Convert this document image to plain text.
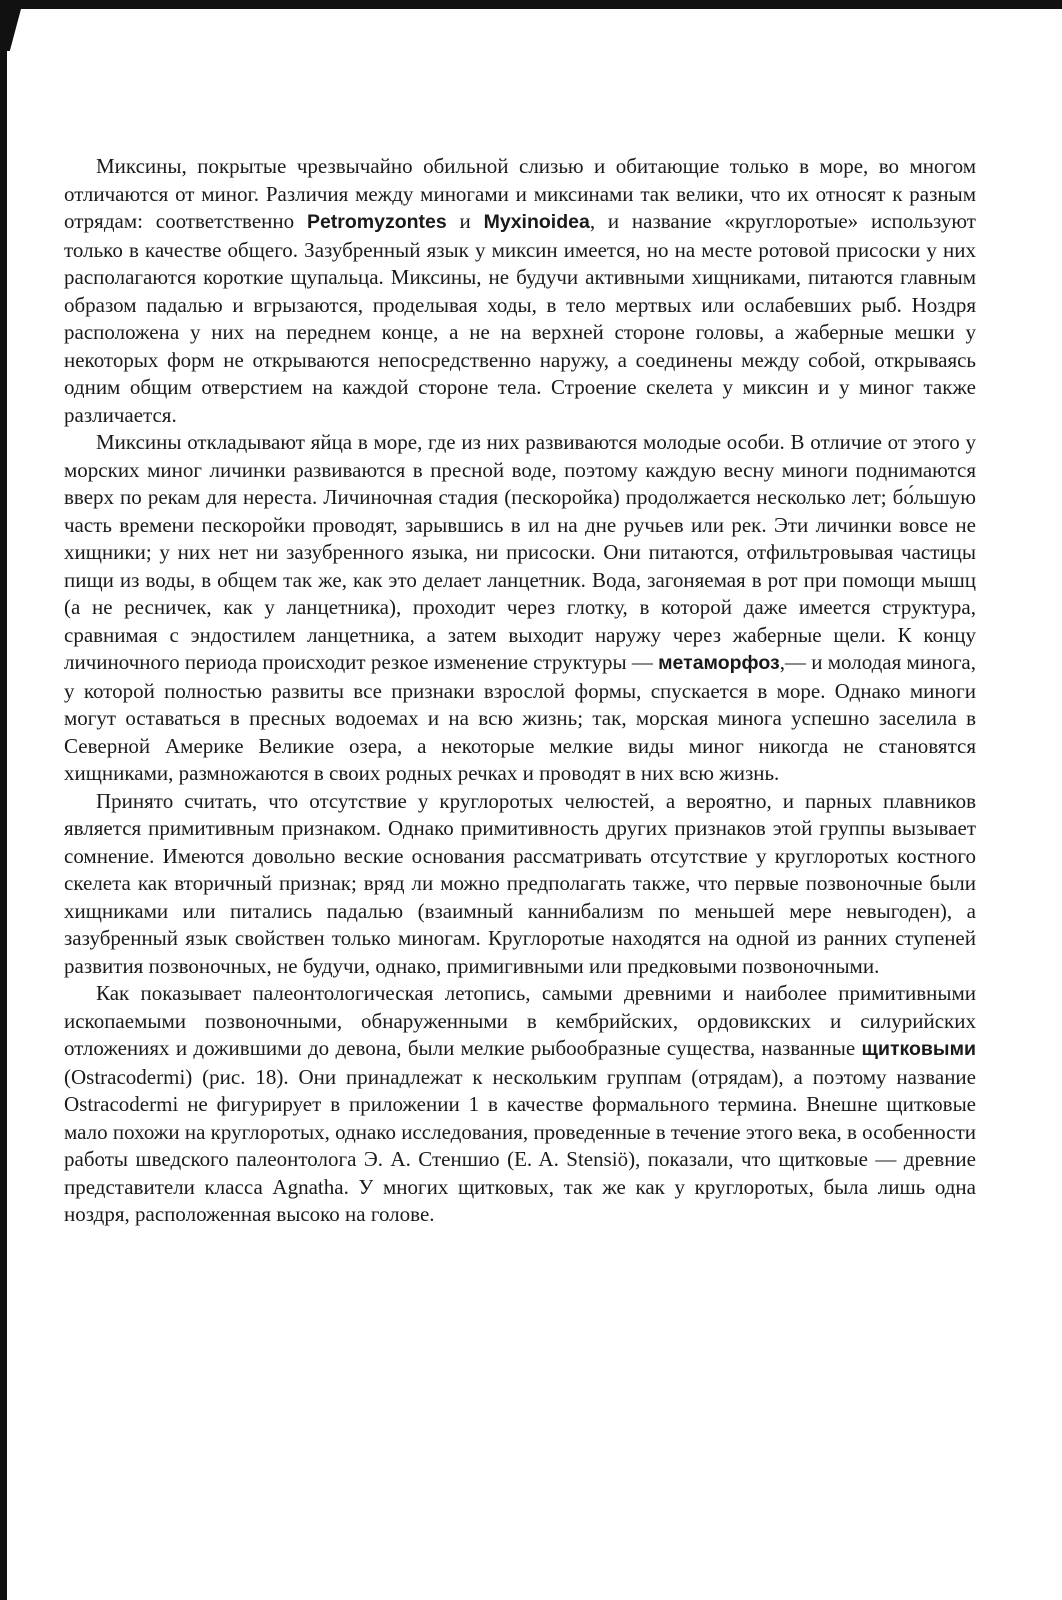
Миксины, покрытые чрезвычайно обильной слизью и обитающие только в море, во многом отличаются от миног. Различия между миногами и миксинами так велики, что их относят к разным отрядам: соответственно Petromyzontes и Myxinoidea, и название «круглоротые» используют только в качестве общего. Зазубренный язык у миксин имеется, но на месте ротовой присоски у них располагаются короткие щупальца. Миксины, не будучи активными хищниками, питаются главным образом падалью и вгрызаются, проделывая ходы, в тело мертвых или ослабевших рыб. Ноздря расположена у них на переднем конце, а не на верхней стороне головы, а жаберные мешки у некоторых форм не открываются непосредственно наружу, а соединены между собой, открываясь одним общим отверстием на каждой стороне тела. Строение скелета у миксин и у миног также различается.

Миксины откладывают яйца в море, где из них развиваются молодые особи. В отличие от этого у морских миног личинки развиваются в пресной воде, поэтому каждую весну миноги поднимаются вверх по рекам для нереста. Личиночная стадия (пескоройка) продолжается несколько лет; бо́льшую часть времени пескоройки проводят, зарывшись в ил на дне ручьев или рек. Эти личинки вовсе не хищники; у них нет ни зазубренного языка, ни присоски. Они питаются, отфильтровывая частицы пищи из воды, в общем так же, как это делает ланцетник. Вода, загоняемая в рот при помощи мышц (а не ресничек, как у ланцетника), проходит через глотку, в которой даже имеется структура, сравнимая с эндостилем ланцетника, а затем выходит наружу через жаберные щели. К концу личиночного периода происходит резкое изменение структуры — метаморфоз,— и молодая минога, у которой полностью развиты все признаки взрослой формы, спускается в море. Однако миноги могут оставаться в пресных водоемах и на всю жизнь; так, морская минога успешно заселила в Северной Америке Великие озера, а некоторые мелкие виды миног никогда не становятся хищниками, размножаются в своих родных речках и проводят в них всю жизнь.

Принято считать, что отсутствие у круглоротых челюстей, а вероятно, и парных плавников является примитивным признаком. Однако примитивность других признаков этой группы вызывает сомнение. Имеются довольно веские основания рассматривать отсутствие у круглоротых костного скелета как вторичный признак; вряд ли можно предполагать также, что первые позвоночные были хищниками или питались падалью (взаимный каннибализм по меньшей мере невыгоден), а зазубренный язык свойствен только миногам. Круглоротые находятся на одной из ранних ступеней развития позвоночных, не будучи, однако, примигивными или предковыми позвоночными.

Как показывает палеонтологическая летопись, самыми древними и наиболее примитивными ископаемыми позвоночными, обнаруженными в кембрийских, ордовикских и силурийских отложениях и дожившими до девона, были мелкие рыбообразные существа, названные щитковыми (Ostracodermi) (рис. 18). Они принадлежат к нескольким группам (отрядам), а поэтому название Ostracodermi не фигурирует в приложении 1 в качестве формального термина. Внешне щитковые мало похожи на круглоротых, однако исследования, проведенные в течение этого века, в особенности работы шведского палеонтолога Э. А. Стеншио (E. A. Stensiö), показали, что щитковые — древние представители класса Agnatha. У многих щитковых, так же как у круглоротых, была лишь одна ноздря, расположенная высоко на голове.
